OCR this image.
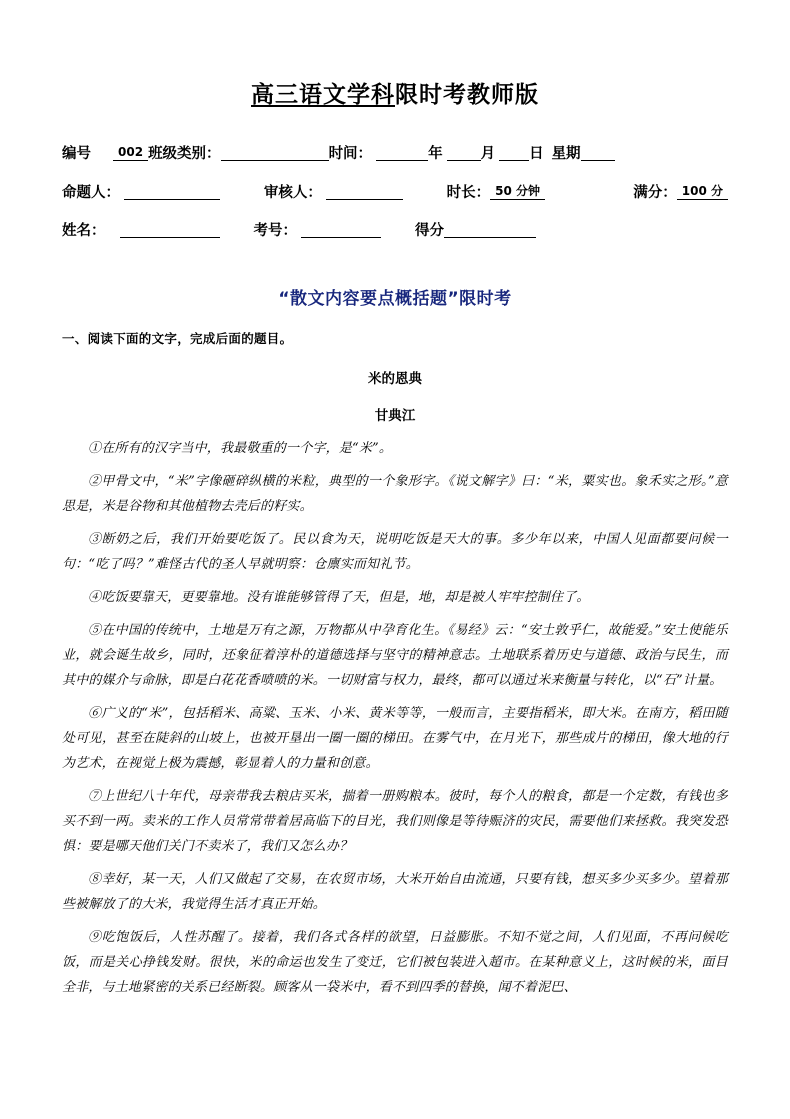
高三语文学科限时考教师版
编号	002 班级类别：	时间：	年	月 日 星期
命题人：	审核人：	时长： 50 分钟	满分： 100 分
姓名：	考号：	得分
“散文内容要点概括题”限时考

一、阅读下面的文字，完成后面的题目。

米的恩典

甘典江

①在所有的汉字当中，我最敬重的一个字，是“米”。

②甲骨文中，“米”字像砸碎纵横的米粒，典型的一个象形字。《说文解字》曰：“米，粟实也。象禾实之形。”意思是，米是谷物和其他植物去壳后的籽实。

③断奶之后，我们开始要吃饭了。民以食为天，说明吃饭是天大的事。多少年以来，中国人见面都要问候一句：“吃了吗？”难怪古代的圣人早就明察：仓廪实而知礼节。

④吃饭要靠天，更要靠地。没有谁能够管得了天，但是，地，却是被人牢牢控制住了。

⑤在中国的传统中，土地是万有之源，万物都从中孕育化生。《易经》云：“安土敦乎仁，故能爱。”安土使能乐业，就会诞生故乡，同时，还象征着淳朴的道德选择与坚守的精神意志。土地联系着历史与道德、政治与民生，而其中的媒介与命脉，即是白花花香喷喷的米。一切财富与权力，最终，都可以通过米来衡量与转化，以“石”计量。

⑥广义的“米”，包括稻米、高粱、玉米、小米、黄米等等，一般而言，主要指稻米，即大米。在南方，稻田随处可见，甚至在陡斜的山坡上，也被开垦出一圈一圈的梯田。在雾气中，在月光下，那些成片的梯田，像大地的行为艺术，在视觉上极为震撼，彰显着人的力量和创意。

⑦上世纪八十年代，母亲带我去粮店买米，揣着一册购粮本。彼时，每个人的粮食，都是一个定数，有钱也多买不到一两。卖米的工作人员常常带着居高临下的目光，我们则像是等待赈济的灾民，需要他们来拯救。我突发恐惧：要是哪天他们关门不卖米了，我们又怎么办？

⑧幸好，某一天，人们又做起了交易，在农贸市场，大米开始自由流通，只要有钱，想买多少买多少。望着那些被解放了的大米，我觉得生活才真正开始。

⑨吃饱饭后，人性苏醒了。接着，我们各式各样的欲望，日益膨胀。不知不觉之间，人们见面，不再问候吃饭，而是关心挣钱发财。很快，米的命运也发生了变迁，它们被包装进入超市。在某种意义上，这时候的米，面目全非，与土地紧密的关系已经断裂。顾客从一袋米中，看不到四季的替换，闻不着泥巴、
